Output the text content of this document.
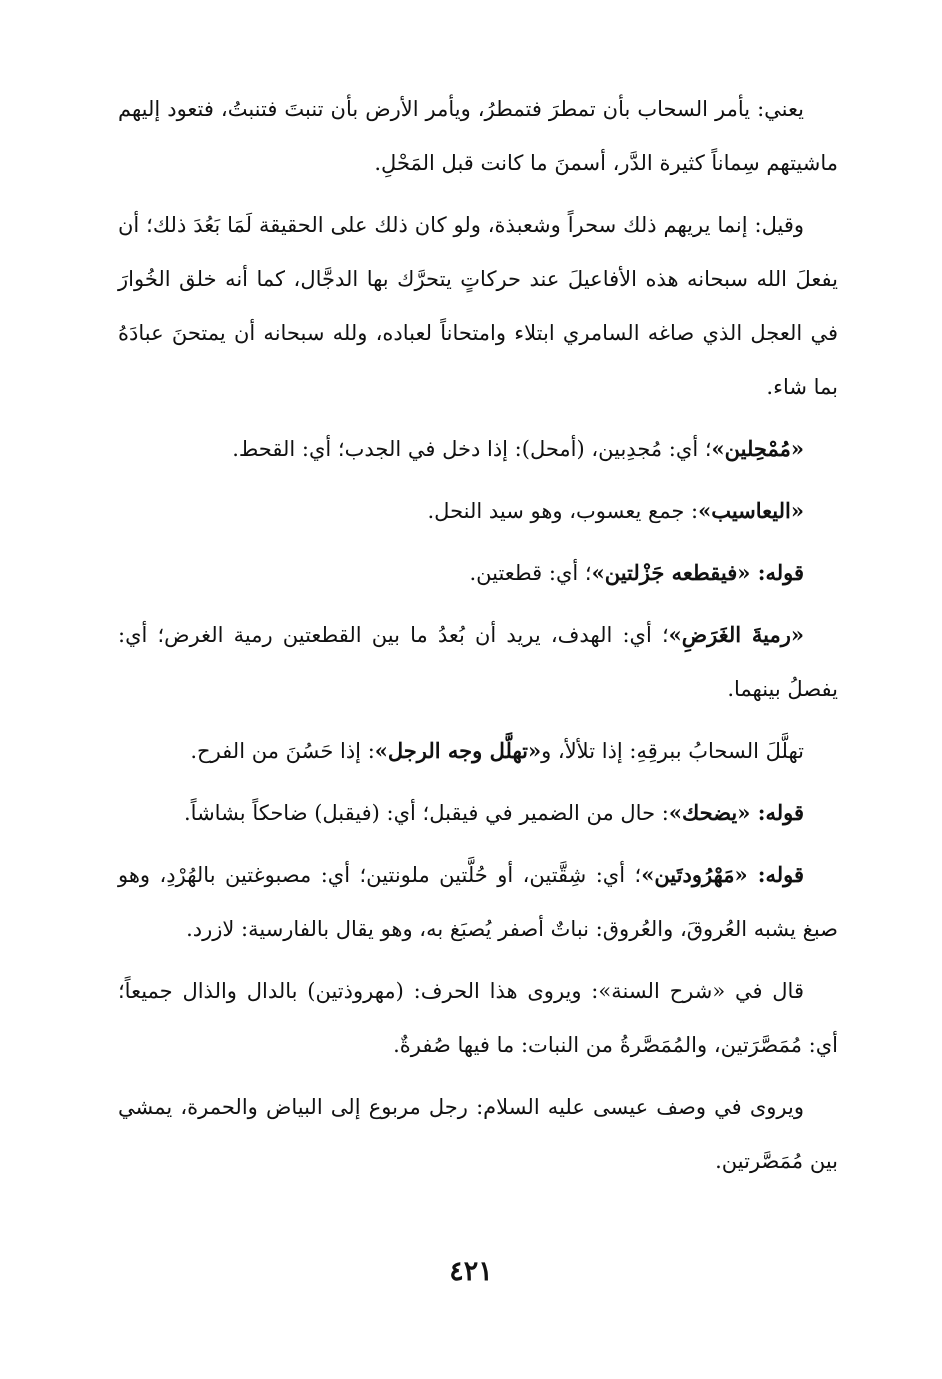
يعني: يأمر السحاب بأن تمطرَ فتمطرُ، ويأمر الأرض بأن تنبتَ فتنبتُ، فتعود إليهم ماشيتهم سِماناً كثيرة الدَّر، أسمنَ ما كانت قبل المَحْلِ.

وقيل: إنما يريهم ذلك سحراً وشعبذة، ولو كان ذلك على الحقيقة لَمَا بَعُدَ ذلك؛ أن يفعلَ الله سبحانه هذه الأفاعيلَ عند حركاتٍ يتحرَّك بها الدجَّال، كما أنه خلق الخُوارَ في العجل الذي صاغه السامري ابتلاء وامتحاناً لعباده، ولله سبحانه أن يمتحنَ عبادَهُ بما شاء.

«مُمْحِلين»؛ أي: مُجدِبين، (أمحل): إذا دخل في الجدب؛ أي: القحط.

«اليعاسيب»: جمع يعسوب، وهو سيد النحل.

قوله: «فيقطعه جَزْلتين»؛ أي: قطعتين.

«رميةَ الغَرَضِ»؛ أي: الهدف، يريد أن بُعدُ ما بين القطعتين رمية الغرض؛ أي: يفصلُ بينهما.

تهلَّلَ السحابُ ببرقِهِ: إذا تلألأ، و«تهلَّل وجه الرجل»: إذا حَسُنَ من الفرح.

قوله: «يضحك»: حال من الضمير في فيقبل؛ أي: (فيقبل) ضاحكاً بشاشاً.

قوله: «مَهْرُودتَين»؛ أي: شِقَّتين، أو حُلَّتين ملونتين؛ أي: مصبوغتين بالهُرْدِ، وهو صبغ يشبه العُروقَ، والعُروق: نباتٌ أصفر يُصبَغ به، وهو يقال بالفارسية: لازرد.

قال في «شرح السنة»: ويروى هذا الحرف: (مهروذتين) بالدال والذال جميعاً؛ أي: مُمَصَّرَتين، والمُمَصَّرةُ من النبات: ما فيها صُفرةٌ.

ويروى في وصف عيسى عليه السلام: رجل مربوع إلى البياض والحمرة، يمشي بين مُمَصَّرتين.

٤٢١
